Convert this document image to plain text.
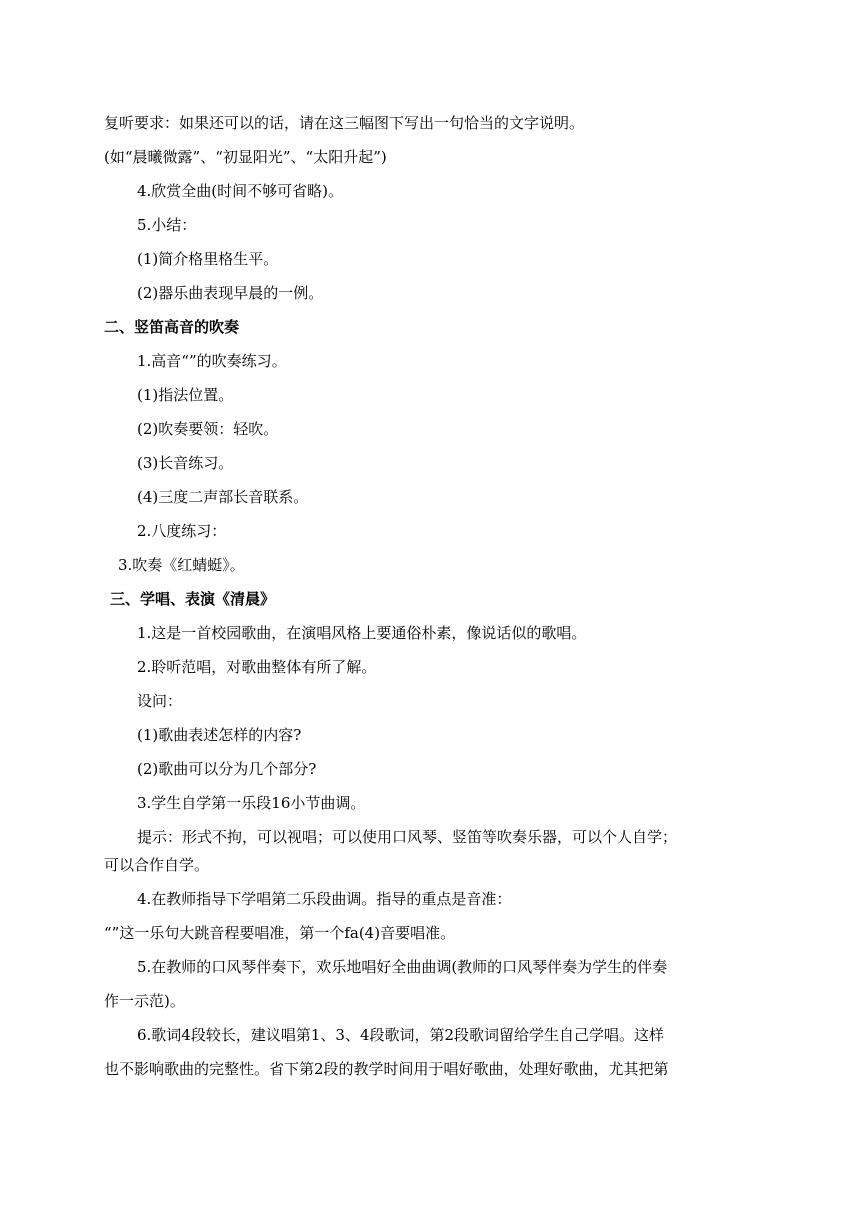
复听要求：如果还可以的话，请在这三幅图下写出一句恰当的文字说明。
(如“晨曦微露”、“初显阳光”、“太阳升起”)
4.欣赏全曲(时间不够可省略)。
5.小结：
(1)简介格里格生平。
(2)器乐曲表现早晨的一例。
二、竖笛高音的吹奏
1.高音“”的吹奏练习。
(1)指法位置。
(2)吹奏要领：轻吹。
(3)长音练习。
(4)三度二声部长音联系。
2.八度练习：
3.吹奏《红蜻蜓》。
三、学唱、表演《清晨》
1.这是一首校园歌曲，在演唱风格上要通俗朴素，像说话似的歌唱。
2.聆听范唱，对歌曲整体有所了解。
设问：
(1)歌曲表述怎样的内容?
(2)歌曲可以分为几个部分?
3.学生自学第一乐段16小节曲调。
提示：形式不拘，可以视唱；可以使用口风琴、竖笛等吹奏乐器，可以个人自学；
可以合作自学。
4.在教师指导下学唱第二乐段曲调。指导的重点是音准：
“”这一乐句大跳音程要唱准，第一个fa(4)音要唱准。
5.在教师的口风琴伴奏下，欢乐地唱好全曲曲调(教师的口风琴伴奏为学生的伴奏
作一示范)。
6.歌词4段较长，建议唱第1、3、4段歌词，第2段歌词留给学生自己学唱。这样
也不影响歌曲的完整性。省下第2段的教学时间用于唱好歌曲，处理好歌曲，尤其把第
